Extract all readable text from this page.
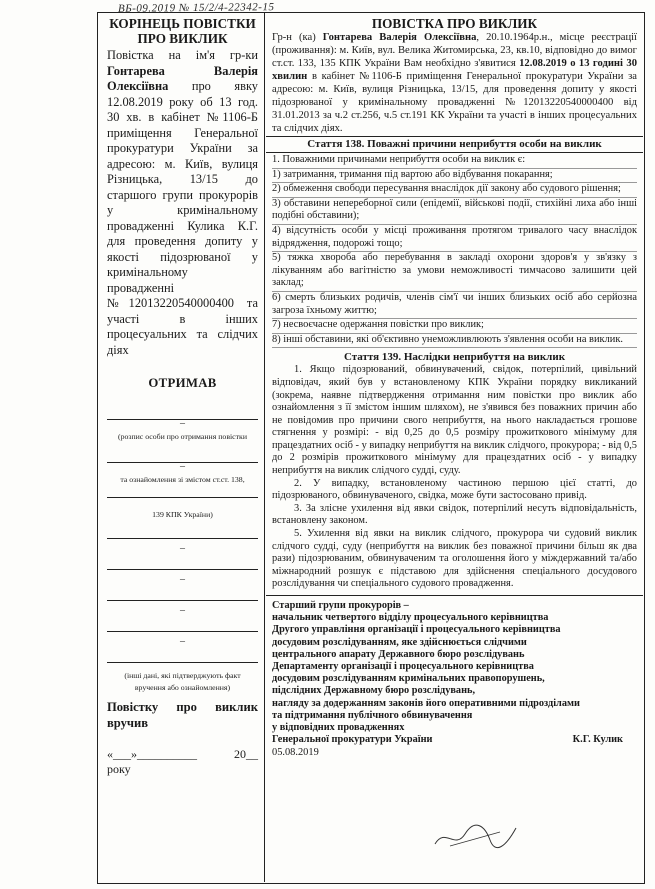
ВБ-09.2019 № 15/2/4-22342-15
КОРІНЕЦЬ ПОВІСТКИ ПРО ВИКЛИК
Повістка на ім'я гр-ки Гонтарева Валерія Олексіївна про явку 12.08.2019 року об 13 год. 30 хв. в кабінет №1106-Б приміщення Генеральної прокуратури України за адресою: м. Київ, вулиця Різницька, 13/15 до старшого групи прокурорів у кримінальному провадженні Кулика К.Г. для проведення допиту у якості підозрюваної у кримінальному провадженні №12013220540000400 та участі в інших процесуальних та слідчих діях
ОТРИМАВ
–
(розпис особи про отримання повістки
–
та ознайомлення зі змістом ст.ст. 138,
139 КПК України)
–
–
–
–
(інші дані, які підтверджують факт
вручення або ознайомлення)
Повістку про виклик вручив
«___»__________	20__
року
ПОВІСТКА ПРО ВИКЛИК
Гр-н (ка) Гонтарева Валерія Олексіївна, 20.10.1964р.н., місце реєстрації (проживання): м. Київ, вул. Велика Житомирська, 23, кв.10, відповідно до вимог ст.ст. 133, 135 КПК України Вам необхідно з'явитися 12.08.2019 о 13 годині 30 хвилин в кабінет №1106-Б приміщення Генеральної прокуратури України за адресою: м. Київ, вулиця Різницька, 13/15, для проведення допиту у якості підозрюваної у кримінальному провадженні №12013220540000400 від 31.01.2013 за ч.2 ст.256, ч.5 ст.191 КК України та участі в інших процесуальних та слідчих діях.
Стаття 138. Поважні причини неприбуття особи на виклик
1. Поважними причинами неприбуття особи на виклик є:
1) затримання, тримання під вартою або відбування покарання;
2) обмеження свободи пересування внаслідок дії закону або судового рішення;
3) обставини непереборної сили (епідемії, військові події, стихійні лиха або інші подібні обставини);
4) відсутність особи у місці проживання протягом тривалого часу внаслідок відрядження, подорожі тощо;
5) тяжка хвороба або перебування в закладі охорони здоров'я у зв'язку з лікуванням або вагітністю за умови неможливості тимчасово залишити цей заклад;
6) смерть близьких родичів, членів сім'ї чи інших близьких осіб або серйозна загроза їхньому життю;
7) несвоєчасне одержання повістки про виклик;
8) інші обставини, які об'єктивно унеможливлюють з'явлення особи на виклик.
Стаття 139. Наслідки неприбуття на виклик
1. Якщо підозрюваний, обвинувачений, свідок, потерпілий, цивільний відповідач, який був у встановленому КПК України порядку викликаний (зокрема, наявне підтвердження отримання ним повістки про виклик або ознайомлення з її змістом іншим шляхом), не з'явився без поважних причин або не повідомив про причини свого неприбуття, на нього накладається грошове стягнення у розмірі: - від 0,25 до 0,5 розміру прожиткового мінімуму для працездатних осіб - у випадку неприбуття на виклик слідчого, прокурора; - від 0,5 до 2 розмірів прожиткового мінімуму для працездатних осіб - у випадку неприбуття на виклик слідчого судді, суду.
2. У випадку, встановленому частиною першою цієї статті, до підозрюваного, обвинуваченого, свідка, може бути застосовано привід.
3. За злісне ухилення від явки свідок, потерпілий несуть відповідальність, встановлену законом.
5. Ухилення від явки на виклик слідчого, прокурора чи судовий виклик слідчого судді, суду (неприбуття на виклик без поважної причини більш як два рази) підозрюваним, обвинуваченим та оголошення його у міждержавний та/або міжнародний розшук є підставою для здійснення спеціального досудового розслідування чи спеціального судового провадження.
Старший групи прокурорів –
начальник четвертого відділу процесуального керівництва
Другого управління організації і процесуального керівництва
досудовим розслідуванням, яке здійснюється слідчими
центрального апарату Державного бюро розслідувань
Департаменту організації і процесуального керівництва
досудовим розслідуванням кримінальних правопорушень,
підслідних Державному бюро розслідувань,
нагляду за додержанням законів його оперативними підрозділами
та підтримання публічного обвинувачення
у відповідних провадженнях
Генеральної прокуратури України	К.Г. Кулик
05.08.2019
